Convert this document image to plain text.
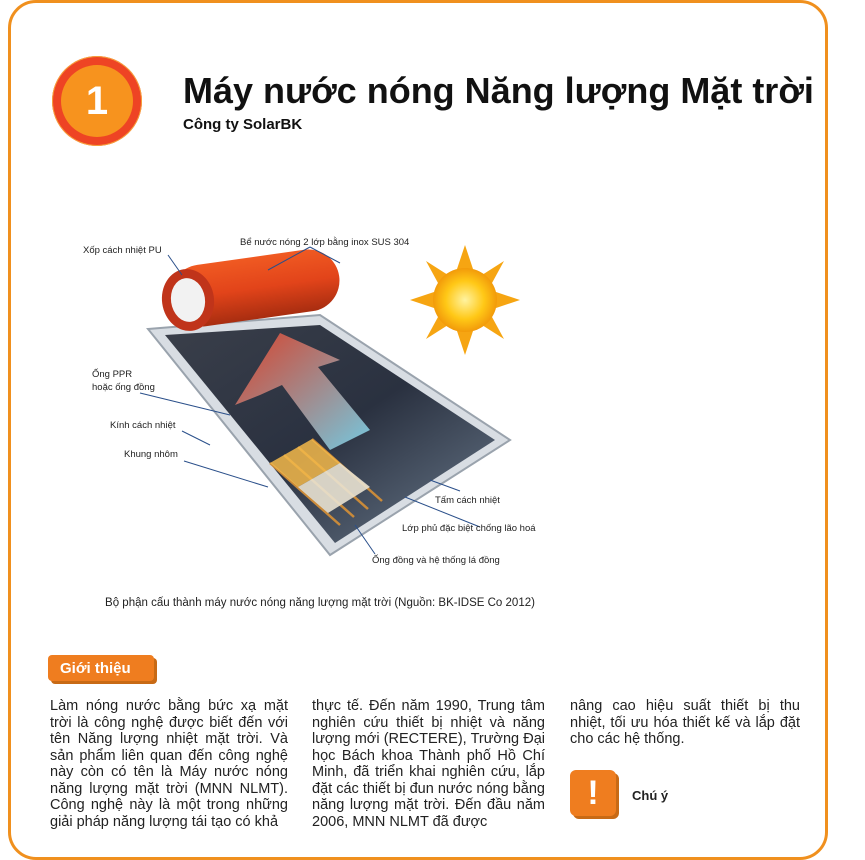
1	Máy nước nóng Năng lượng Mặt trời
Công ty SolarBK
Xốp cách nhiệt PU
Bể nước nóng 2 lớp bằng inox SUS 304
Ống PPR
hoặc ống đồng
Kính cách nhiệt
Khung nhôm
Tấm cách nhiệt
Lớp phủ đặc biệt chống lão hoá
Ống đồng và hệ thống lá đồng
Bộ phận cấu thành máy nước nóng năng lượng mặt trời (Nguồn: BK-IDSE Co 2012)
Giới thiệu
Làm nóng nước bằng bức xạ mặt trời là công nghệ được biết đến với tên Năng lượng nhiệt mặt trời. Và sản phẩm liên quan đến công nghệ này còn có tên là Máy nước nóng năng lượng mặt trời (MNN NLMT). Công nghệ này là một trong những giải pháp năng lượng tái tạo có khả
thực tế. Đến năm 1990, Trung tâm nghiên cứu thiết bị nhiệt và năng lượng mới (RECTERE), Trường Đại học Bách khoa Thành phố Hồ Chí Minh, đã triển khai nghiên cứu, lắp đặt các thiết bị đun nước nóng bằng năng lượng mặt trời. Đến đầu năm 2006, MNN NLMT đã được
nâng cao hiệu suất thiết bị thu nhiệt, tối ưu hóa thiết kế và lắp đặt cho các hệ thống.
!	Chú ý
